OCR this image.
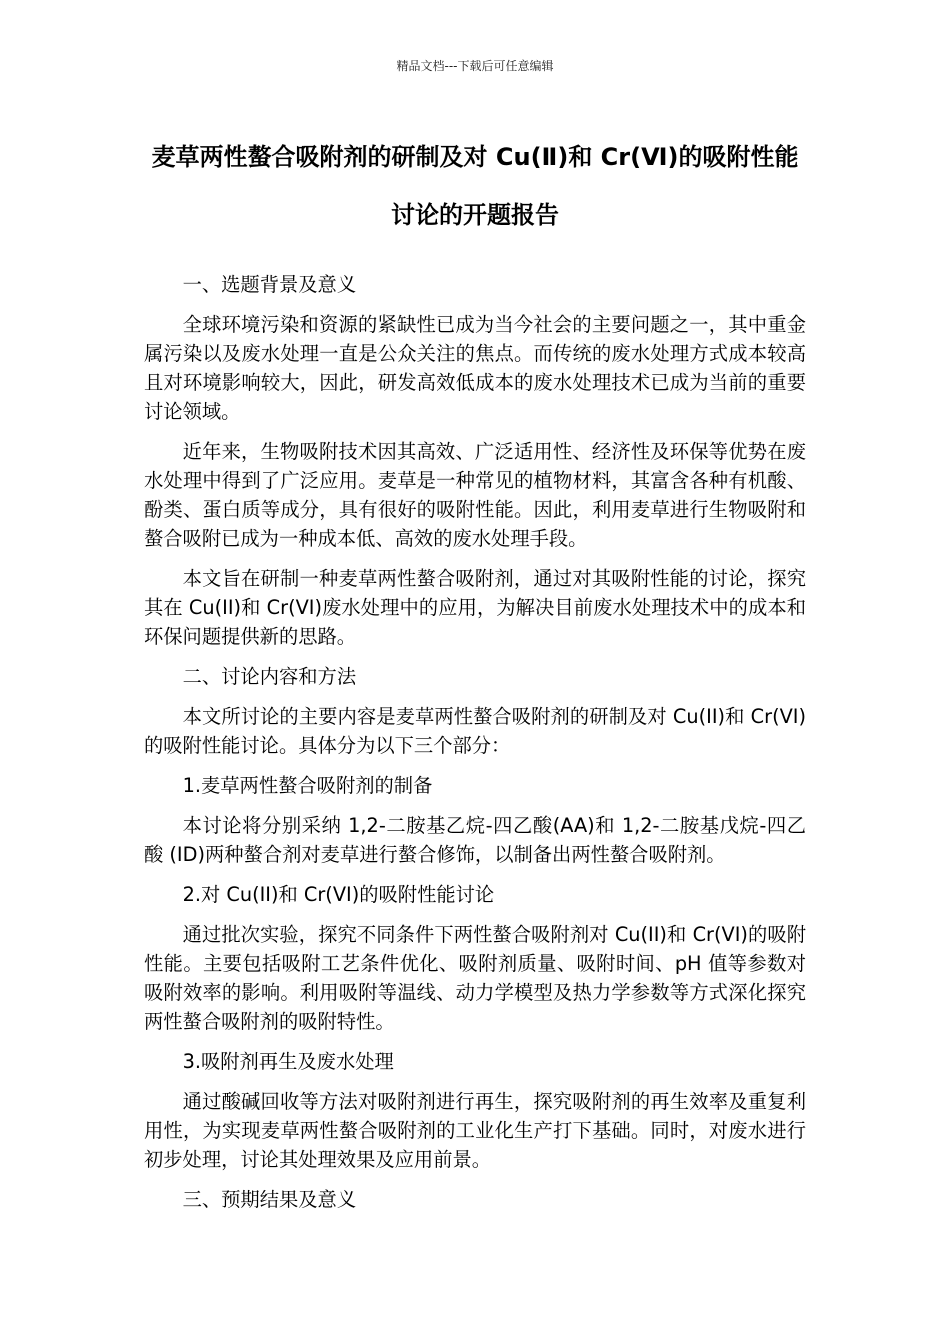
精品文档---下载后可任意编辑
麦草两性螯合吸附剂的研制及对 Cu(Ⅱ)和 Cr(Ⅵ)的吸附性能讨论的开题报告

一、选题背景及意义

全球环境污染和资源的紧缺性已成为当今社会的主要问题之一，其中重金属污染以及废水处理一直是公众关注的焦点。而传统的废水处理方式成本较高且对环境影响较大，因此，研发高效低成本的废水处理技术已成为当前的重要讨论领域。

近年来，生物吸附技术因其高效、广泛适用性、经济性及环保等优势在废水处理中得到了广泛应用。麦草是一种常见的植物材料，其富含各种有机酸、酚类、蛋白质等成分，具有很好的吸附性能。因此，利用麦草进行生物吸附和螯合吸附已成为一种成本低、高效的废水处理手段。

本文旨在研制一种麦草两性螯合吸附剂，通过对其吸附性能的讨论，探究其在 Cu(II)和 Cr(VI)废水处理中的应用，为解决目前废水处理技术中的成本和环保问题提供新的思路。

二、讨论内容和方法

本文所讨论的主要内容是麦草两性螯合吸附剂的研制及对 Cu(II)和 Cr(VI)的吸附性能讨论。具体分为以下三个部分：

1.麦草两性螯合吸附剂的制备

本讨论将分别采纳 1,2-二胺基乙烷-四乙酸(AA)和 1,2-二胺基戊烷-四乙酸 (ID)两种螯合剂对麦草进行螯合修饰，以制备出两性螯合吸附剂。

2.对 Cu(II)和 Cr(VI)的吸附性能讨论

通过批次实验，探究不同条件下两性螯合吸附剂对 Cu(II)和 Cr(VI)的吸附性能。主要包括吸附工艺条件优化、吸附剂质量、吸附时间、pH 值等参数对吸附效率的影响。利用吸附等温线、动力学模型及热力学参数等方式深化探究两性螯合吸附剂的吸附特性。

3.吸附剂再生及废水处理

通过酸碱回收等方法对吸附剂进行再生，探究吸附剂的再生效率及重复利用性，为实现麦草两性螯合吸附剂的工业化生产打下基础。同时，对废水进行初步处理，讨论其处理效果及应用前景。

三、预期结果及意义
